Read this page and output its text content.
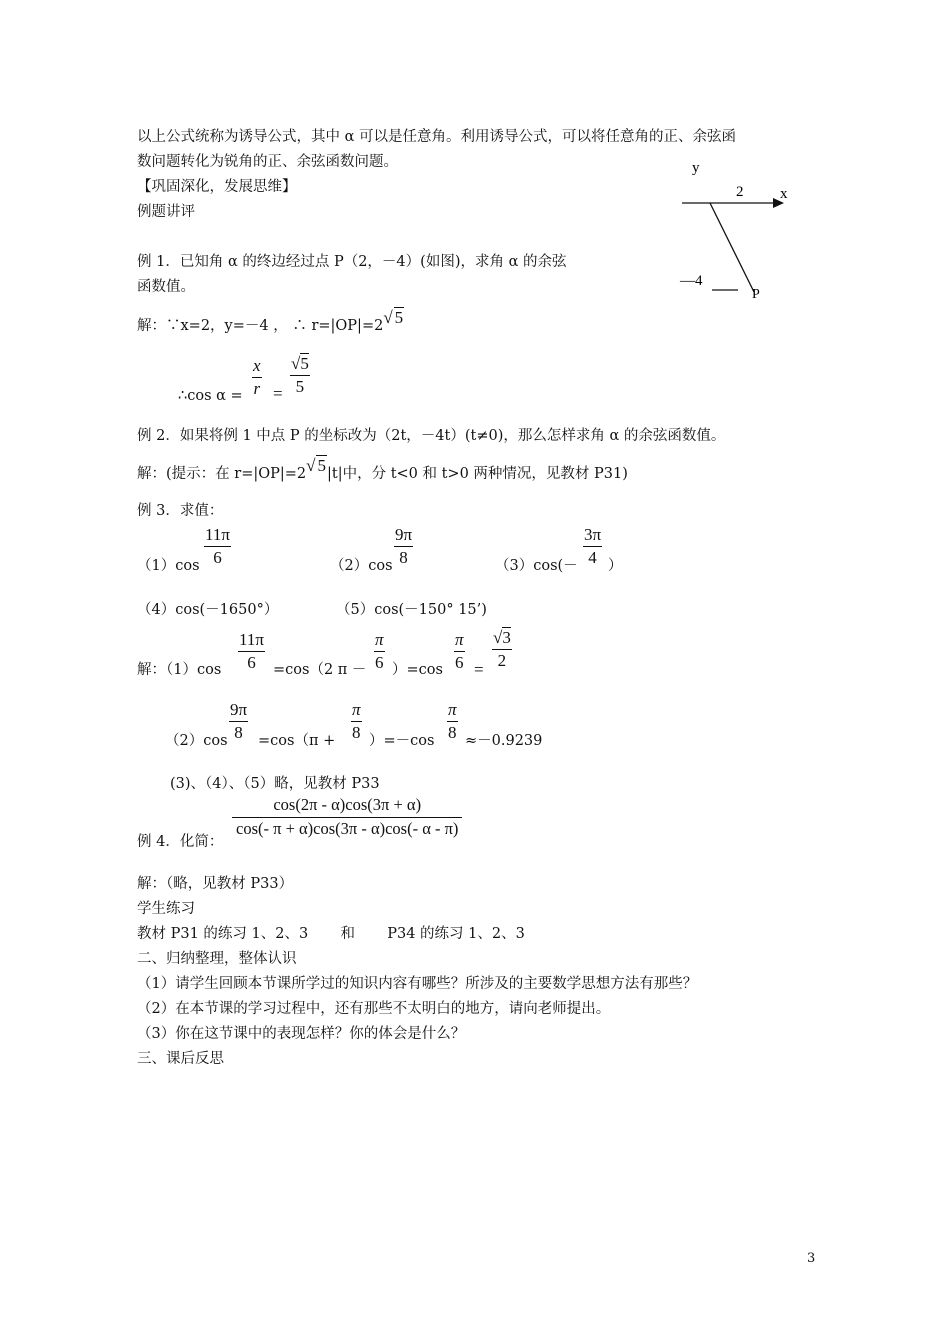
以上公式统称为诱导公式，其中 α 可以是任意角。利用诱导公式，可以将任意角的正、余弦函
数问题转化为锐角的正、余弦函数问题。
【巩固深化，发展思维】
例题讲评
y
x
2
—4
P
例 1．已知角 α 的终边经过点 P（2，－4）(如图)，求角 α 的余弦
函数值。
解：∵x=2，y=－4 ， ∴ r=|OP|=2√ 5
∴cos $\alpha = \frac{x}{r} = \frac{√5}{5}$
例 2．如果将例 1 中点 P 的坐标改为（2t，－4t）(t≠0)，那么怎样求角 α 的余弦函数值。
解：(提示：在 r=|OP|=2√ 5|t|中，分 t<0 和 t>0 两种情况，见教材 P31)
例 3．求值：
$(1)\cos \frac{11\pi}{6}$	$(2)\cos \frac{9\pi}{8}$	$(3)\cos(- \frac{3\pi}{4}$ ）
（4）cos(－1650°）	（5）cos(－150° 15’)
解：$(1)\cos \frac{11\pi}{6} =\cos(2$ $\pi - \frac{\pi}{6} )=\cos \frac{\pi}{6} = \frac{√3}{2}$
$(2)\cos \frac{9\pi}{8} =\cos(\pi + \frac{\pi}{8} )=-\cos \frac{\pi}{8} \approx-0.9239$
(3)、（4）、（5）略，见教材 P33
例 4．化简：
$\frac{\cos(2\pi - \alpha)\cos(3\pi + \alpha)}{\cos(- \pi + \alpha)\cos(3\pi - \alpha)\cos(- \alpha - \pi)}$
解：（略，见教材 P33）
学生练习
教材 P31 的练习 1、2、3       和       P34 的练习 1、2、3
二、归纳整理，整体认识
（1）请学生回顾本节课所学过的知识内容有哪些？所涉及的主要数学思想方法有那些？
（2）在本节课的学习过程中，还有那些不太明白的地方，请向老师提出。
（3）你在这节课中的表现怎样？你的体会是什么？
三、课后反思
3
